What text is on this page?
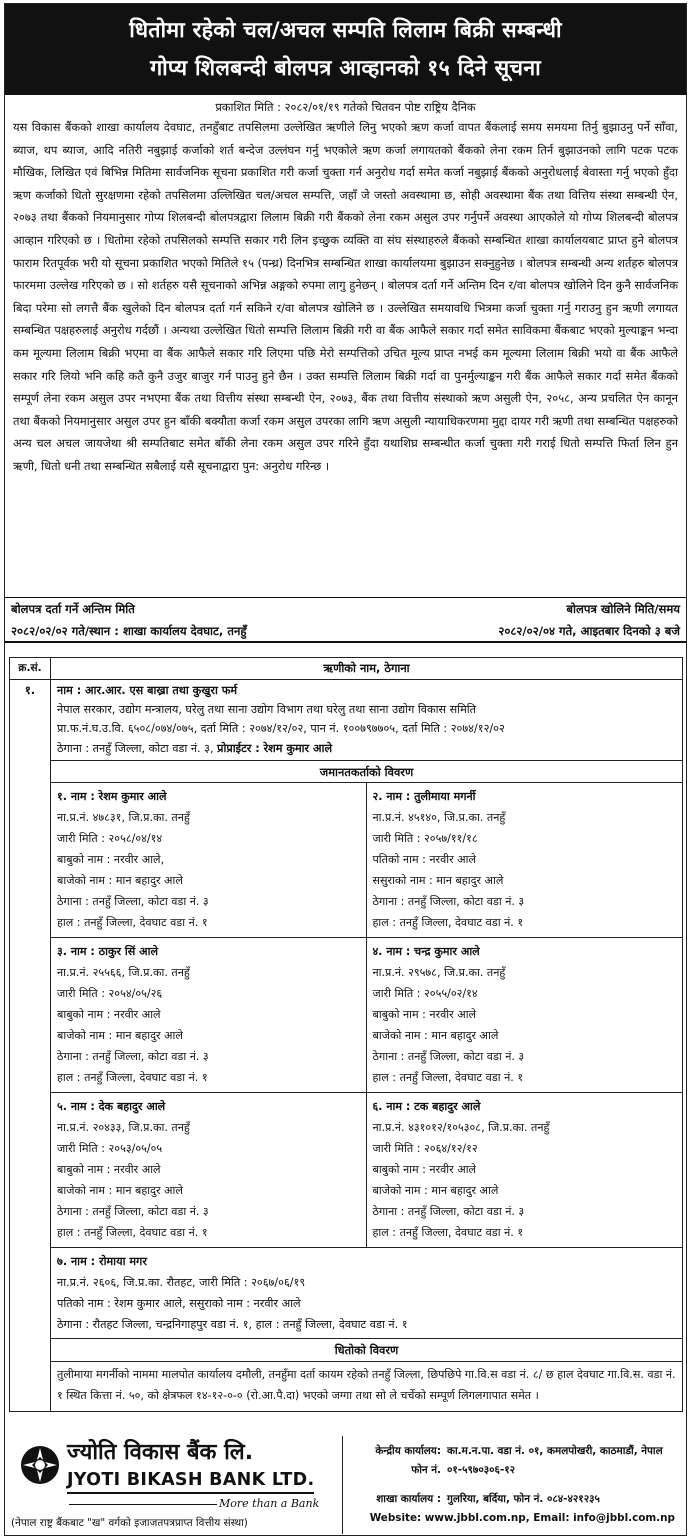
धितोमा रहेको चल/अचल सम्पति लिलाम बिक्री सम्बन्धी
गोप्य शिलबन्दी बोलपत्र आव्हानको १५ दिने सूचना
प्रकाशित मिति : २०८२/०१/१९ गतेको चितवन पोष्ट राष्ट्रिय दैनिक
यस विकास बैंकको शाखा कार्यालय देवघाट, तनहुँबाट तपसिलमा उल्लेखित ऋणीले लिनु भएको ऋण कर्जा वापत बैंकलाई समय समयमा तिर्नु बुझाउनु पर्ने साँवा, ब्याज, थप ब्याज, आदि नतिरी नबुझाई कर्जाको शर्त बन्देज उल्लंघन गर्नु भएकोले ऋण कर्जा लगायतको बैंकको लेना रकम तिर्न बुझाउनको लागि पटक पटक मौखिक, लिखित एवं बिभिन्न मितिमा सार्वजनिक सूचना प्रकाशित गरी कर्जा चुक्ता गर्न अनुरोध गर्दा समेत कर्जा नबुझाई बैंकको अनुरोधलाई बेवास्ता गर्नु भएको हुँदा ऋण कर्जाको धितो सुरक्षणमा रहेको तपसिलमा उल्लिखित चल/अचल सम्पत्ति, जहाँ जे जस्तो अवस्थामा छ, सोही अवस्थामा बैंक तथा वित्तिय संस्था सम्बन्धी ऐन, २०७३ तथा बैंकको नियमानुसार गोप्य शिलबन्दी बोलपत्रद्वारा लिलाम बिक्री गरी बैंकको लेना रकम असुल उपर गर्नुपर्ने अवस्था आएकोले यो गोप्य शिलबन्दी बोलपत्र आव्हान गरिएको छ । धितोमा रहेको तपसिलको सम्पत्ति सकार गरी लिन इच्छुक व्यक्ति वा संघ संस्थाहरुले बैंकको सम्बन्धित शाखा कार्यालयबाट प्राप्त हुने बोलपत्र फाराम रितपूर्वक भरी यो सूचना प्रकाशित भएको मितिले १५ (पन्ध्र) दिनभित्र सम्बन्धित शाखा कार्यालयमा बुझाउन सक्नुहुनेछ । बोलपत्र सम्बन्धी अन्य शर्तहरु बोलपत्र फारममा उल्लेख गरिएको छ । सो शर्तहरु यसै सूचनाको अभिन्न अङ्गको रुपमा लागु हुनेछन् । बोलपत्र दर्ता गर्ने अन्तिम दिन र/वा बोलपत्र खोलिने दिन कुनै सार्वजनिक बिदा परेमा सो लगत्तै बैंक खुलेको दिन बोलपत्र दर्ता गर्न सकिने र/वा बोलपत्र खोलिने छ । उल्लेखित समयावधि भित्रमा कर्जा चुक्ता गर्नु गराउनु हुन ऋणी लगायत सम्बन्धित पक्षहरुलाई अनुरोध गर्दछौं । अन्यथा उल्लेखित धितो सम्पत्ति लिलाम बिक्री गरी वा बैंक आफैले सकार गर्दा समेत साविकमा बैंकबाट भएको मुल्याङ्कन भन्दा कम मूल्यमा लिलाम बिक्री भएमा वा बैंक आफैले सकार गरि लिएमा पछि मेरो सम्पत्तिको उचित मूल्य प्राप्त नभई कम मूल्यमा लिलाम बिक्री भयो वा बैंक आफैले सकार गरि लियो भनि कहि कतै कुनै उजुर बाजुर गर्न पाउनु हुने छैन । उक्त सम्पत्ति लिलाम बिक्री गर्दा वा पुनर्मुल्याङ्कन गरी बैंक आफैले सकार गर्दा समेत बैंकको सम्पूर्ण लेना रकम असुल उपर नभएमा बैंक तथा वित्तीय संस्था सम्बन्धी ऐन, २०७३, बैंक तथा वित्तीय संस्थाको ऋण असुली ऐन, २०५८, अन्य प्रचलित ऐन कानून तथा बैंकको नियमानुसार असुल उपर हुन बाँकी बक्यौता कर्जा रकम असुल उपरका लागि ऋण असुली न्यायाधिकरणमा मुद्दा दायर गरी ऋणी तथा सम्बन्धित पक्षहरुको अन्य चल अचल जायजेथा श्री सम्पतिबाट समेत बाँकी लेना रकम असुल उपर गरिने हुँदा यथाशिघ्र सम्बन्धीत कर्जा चुक्ता गरी गराई धितो सम्पत्ति फिर्ता लिन हुन ऋणी, धितो धनी तथा सम्बन्धित सबैलाई यसै सूचनाद्वारा पुन: अनुरोध गरिन्छ ।
बोलपत्र दर्ता गर्ने अन्तिम मिति	बोलपत्र खोलिने मिति/समय
२०८२/०२/०२ गते/स्थान : शाखा कार्यालय देवघाट, तनहुँ	२०८२/०२/०४ गते, आइतबार दिनको ३ बजे
क्र.सं.	ऋणीको नाम, ठेगाना
१.	नाम : आर.आर. एस बाख्रा तथा कुखुरा फर्म
नेपाल सरकार, उद्योग मन्त्रालय, घरेलु तथा साना उद्योग विभाग तथा घरेलु तथा साना उद्योग विकास समिति
प्रा.फ.नं.घ.उ.वि. ६५०८/०७४/०७५, दर्ता मिति : २०७४/१२/०२, पान नं. १००७९७७०५, दर्ता मिति : २०७४/१२/०२
ठेगाना : तनहुँ जिल्ला, कोटा वडा नं. ३, प्रोप्राईटर : रेशम कुमार आले
जमानतकर्ताको विवरण
१. नाम : रेशम कुमार आले
ना.प्र.नं. ४७८३१, जि.प्र.का. तनहुँ
जारी मिति : २०५८/०४/१४
बाबुको नाम : नरवीर आले,
बाजेको नाम : मान बहादुर आले
ठेगाना : तनहुँ जिल्ला, कोटा वडा नं. ३
हाल : तनहुँ जिल्ला, देवघाट वडा नं. १
२. नाम : तुलीमाया मगर्नी
ना.प्र.नं. ४५१४०, जि.प्र.का. तनहुँ
जारी मिति : २०५७/११/१८
पतिको नाम : नरवीर आले
ससुराको नाम : मान बहादुर आले
ठेगाना : तनहुँ जिल्ला, कोटा वडा नं. ३
हाल : तनहुँ जिल्ला, देवघाट वडा नं. १
३. नाम : ठाकुर सिं आले
ना.प्र.नं. २५५६६, जि.प्र.का. तनहुँ
जारी मिति : २०५४/०५/२६
बाबुको नाम : नरवीर आले
बाजेको नाम : मान बहादुर आले
ठेगाना : तनहुँ जिल्ला, कोटा वडा नं. ३
हाल : तनहुँ जिल्ला, देवघाट वडा नं. १
४. नाम : चन्द्र कुमार आले
ना.प्र.नं. २९५७८, जि.प्र.का. तनहुँ
जारी मिति : २०५५/०२/१४
बाबुको नाम : नरवीर आले
बाजेको नाम : मान बहादुर आले
ठेगाना : तनहुँ जिल्ला, कोटा वडा नं. ३
हाल : तनहुँ जिल्ला, देवघाट वडा नं. १
५. नाम : देक बहादुर आले
ना.प्र.नं. २०४३३, जि.प्र.का. तनहुँ
जारी मिति : २०५३/०५/०५
बाबुको नाम : नरवीर आले
बाजेको नाम : मान बहादुर आले
ठेगाना : तनहुँ जिल्ला, कोटा वडा नं. ३
हाल : तनहुँ जिल्ला, देवघाट वडा नं. १
६. नाम : टक बहादुर आले
ना.प्र.नं. ४३१०१२/१०५३०८, जि.प्र.का. तनहुँ
जारी मिति : २०६४/१२/१२
बाबुको नाम : नरवीर आले
बाजेको नाम : मान बहादुर आले
ठेगाना : तनहुँ जिल्ला, कोटा वडा नं. ३
हाल : तनहुँ जिल्ला, देवघाट वडा नं. १
७. नाम : रोमाया मगर
ना.प्र.नं. २६०६, जि.प्र.का. रौतहट, जारी मिति : २०६७/०६/१९
पतिको नाम : रेशम कुमार आले, ससुराको नाम : नरवीर आले
ठेगाना : रौतहट जिल्ला, चन्द्रनिगाहपुर वडा नं. १, हाल : तनहुँ जिल्ला, देवघाट वडा नं. १
धितोको विवरण
तुलीमाया मगर्नीको नाममा मालपोत कार्यालय दमौली, तनहुँमा दर्ता कायम रहेको तनहुँ जिल्ला, छिपछिपे गा.वि.स वडा नं. ८/ छ हाल देवघाट गा.वि.स. वडा नं. १ स्थित कित्ता नं. ५०, को क्षेत्रफल १४-१२-०-० (रो.आ.पै.दा) भएको जग्गा तथा सो ले चर्चेको सम्पूर्ण लिगलगापात समेत ।
ज्योति विकास बैंक लि.
JYOTI BIKASH BANK LTD.
More than a Bank
(नेपाल राष्ट्र बैंकबाट "ख" वर्गको इजाजतपत्रप्राप्त वित्तीय संस्था)
केन्द्रीय कार्यालय: का.म.न.पा. वडा नं. ०१, कमलपोखरी, काठमाडौं, नेपाल
फोन नं. ०१-५९७०३०६-१२
शाखा कार्यालय : गुलरिया, बर्दिया, फोन नं. ०८४-४२१२३५
Website: www.jbbl.com.np, Email: info@jbbl.com.np
